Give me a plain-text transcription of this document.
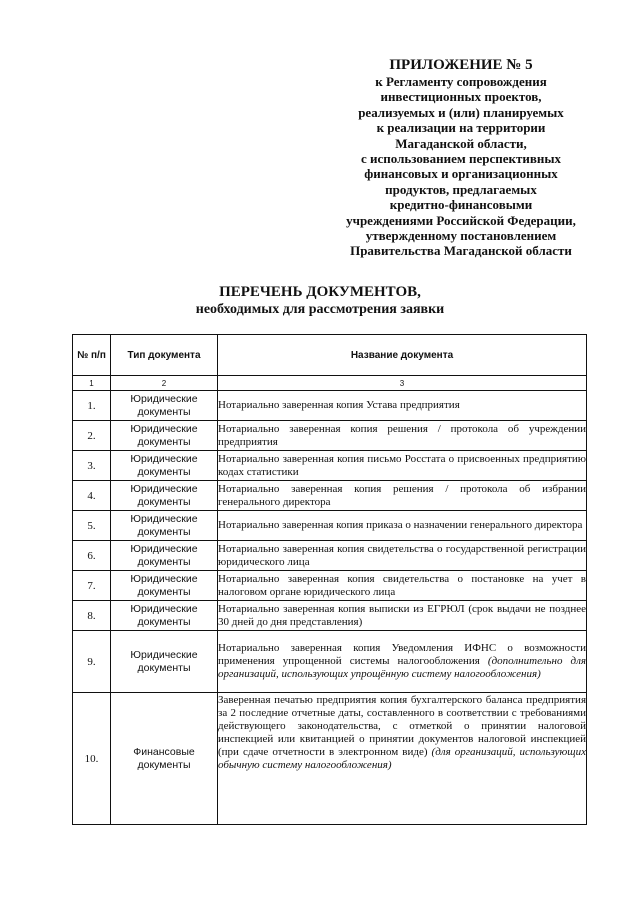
ПРИЛОЖЕНИЕ № 5
к Регламенту сопровождения
инвестиционных проектов,
реализуемых и (или) планируемых
к реализации на территории
Магаданской области,
с использованием перспективных
финансовых и организационных
продуктов, предлагаемых
кредитно-финансовыми
учреждениями Российской Федерации,
утвержденному постановлением
Правительства Магаданской области
ПЕРЕЧЕНЬ ДОКУМЕНТОВ,
необходимых для рассмотрения заявки
№ п/п	Тип документа	Название документа
1	2	3
1.	Юридические документы	Нотариально заверенная копия Устава предприятия
2.	Юридические документы	Нотариально заверенная копия решения / протокола об учреждении предприятия
3.	Юридические документы	Нотариально заверенная копия письмо Росстата о присвоенных предприятию кодах статистики
4.	Юридические документы	Нотариально заверенная копия решения / протокола об избрании генерального директора
5.	Юридические документы	Нотариально заверенная копия приказа о назначении генерального директора
6.	Юридические документы	Нотариально заверенная копия свидетельства о государственной регистрации юридического лица
7.	Юридические документы	Нотариально заверенная копия свидетельства о постановке на учет в налоговом органе юридического лица
8.	Юридические документы	Нотариально заверенная копия выписки из ЕГРЮЛ (срок выдачи не позднее 30 дней до дня представления)
9.	Юридические документы	Нотариально заверенная копия Уведомления ИФНС о возможности применения упрощенной системы налогообложения (дополнительно для организаций, использующих упрощённую систему налогообложения)
10.	Финансовые документы	Заверенная печатью предприятия копия бухгалтерского баланса предприятия за 2 последние отчетные даты, составленного в соответствии с требованиями действующего законодательства, с отметкой о принятии налоговой инспекцией или квитанцией о принятии документов налоговой инспекцией (при сдаче отчетности в электронном виде) (для организаций, использующих обычную систему налогообложения)
